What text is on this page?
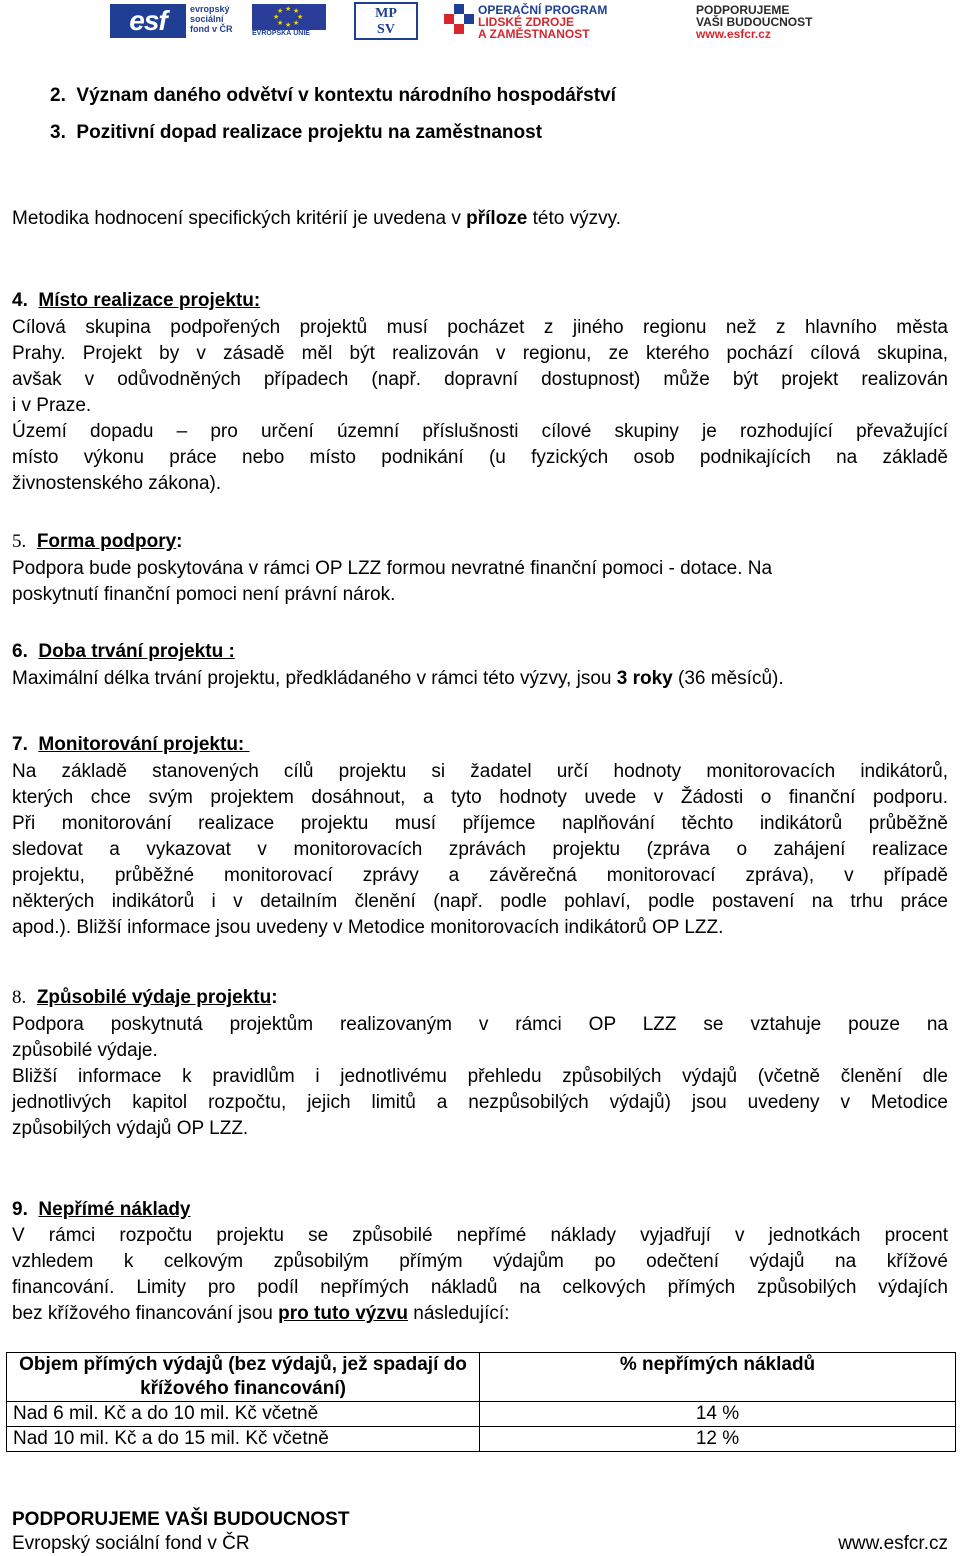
esf	evropský
sociální
fond v ČR
★ ★
★
★
★
★
★
★
EVROPSKÁ UNIE
MP
SV
OPERAČNÍ PROGRAM
LIDSKÉ ZDROJE
A ZAMĚSTNANOST
PODPORUJEME
VAŠI BUDOUCNOST
www.esfcr.cz
2. Význam daného odvětví v kontextu národního hospodářství
3. Pozitivní dopad realizace projektu na zaměstnanost
Metodika hodnocení specifických kritérií je uvedena v příloze této výzvy.
4. Místo realizace projektu:
Cílová skupina podpořených projektů musí pocházet z jiného regionu než z hlavního města
Prahy. Projekt by v zásadě měl být realizován v regionu, ze kterého pochází cílová skupina,
avšak v odůvodněných případech (např. dopravní dostupnost) může být projekt realizován
i v Praze.
Území dopadu – pro určení územní příslušnosti cílové skupiny je rozhodující převažující
místo výkonu práce nebo místo podnikání (u fyzických osob podnikajících na základě
živnostenského zákona).
5. Forma podpory:
Podpora bude poskytována v rámci OP LZZ formou nevratné finanční pomoci - dotace. Na
poskytnutí finanční pomoci není právní nárok.
6. Doba trvání projektu :
Maximální délka trvání projektu, předkládaného v rámci této výzvy, jsou 3 roky (36 měsíců).
7. Monitorování projektu:
Na základě stanovených cílů projektu si žadatel určí hodnoty monitorovacích indikátorů,
kterých chce svým projektem dosáhnout, a tyto hodnoty uvede v Žádosti o finanční podporu.
Při monitorování realizace projektu musí příjemce naplňování těchto indikátorů průběžně
sledovat a vykazovat v monitorovacích zprávách projektu (zpráva o zahájení realizace
projektu, průběžné monitorovací zprávy a závěrečná monitorovací zpráva), v případě
některých indikátorů i v detailním členění (např. podle pohlaví, podle postavení na trhu práce
apod.). Bližší informace jsou uvedeny v Metodice monitorovacích indikátorů OP LZZ.
8. Způsobilé výdaje projektu:
Podpora poskytnutá projektům realizovaným v rámci OP LZZ se vztahuje pouze na
způsobilé výdaje.
Bližší informace k pravidlům i jednotlivému přehledu způsobilých výdajů (včetně členění dle
jednotlivých kapitol rozpočtu, jejich limitů a nezpůsobilých výdajů) jsou uvedeny v Metodice
způsobilých výdajů OP LZZ.
9. Nepřímé náklady
V rámci rozpočtu projektu se způsobilé nepřímé náklady vyjadřují v jednotkách procent
vzhledem k celkovým způsobilým přímým výdajům po odečtení výdajů na křížové
financování. Limity pro podíl nepřímých nákladů na celkových přímých způsobilých výdajích
bez křížového financování jsou pro tuto výzvu následující:
Objem přímých výdajů (bez výdajů, jež spadají do křížového financování)	% nepřímých nákladů
Nad 6 mil. Kč a do 10 mil. Kč včetně	14 %
Nad 10 mil. Kč a do 15 mil. Kč včetně	12 %
PODPORUJEME VAŠI BUDOUCNOST
Evropský sociální fond v ČR	www.esfcr.cz
